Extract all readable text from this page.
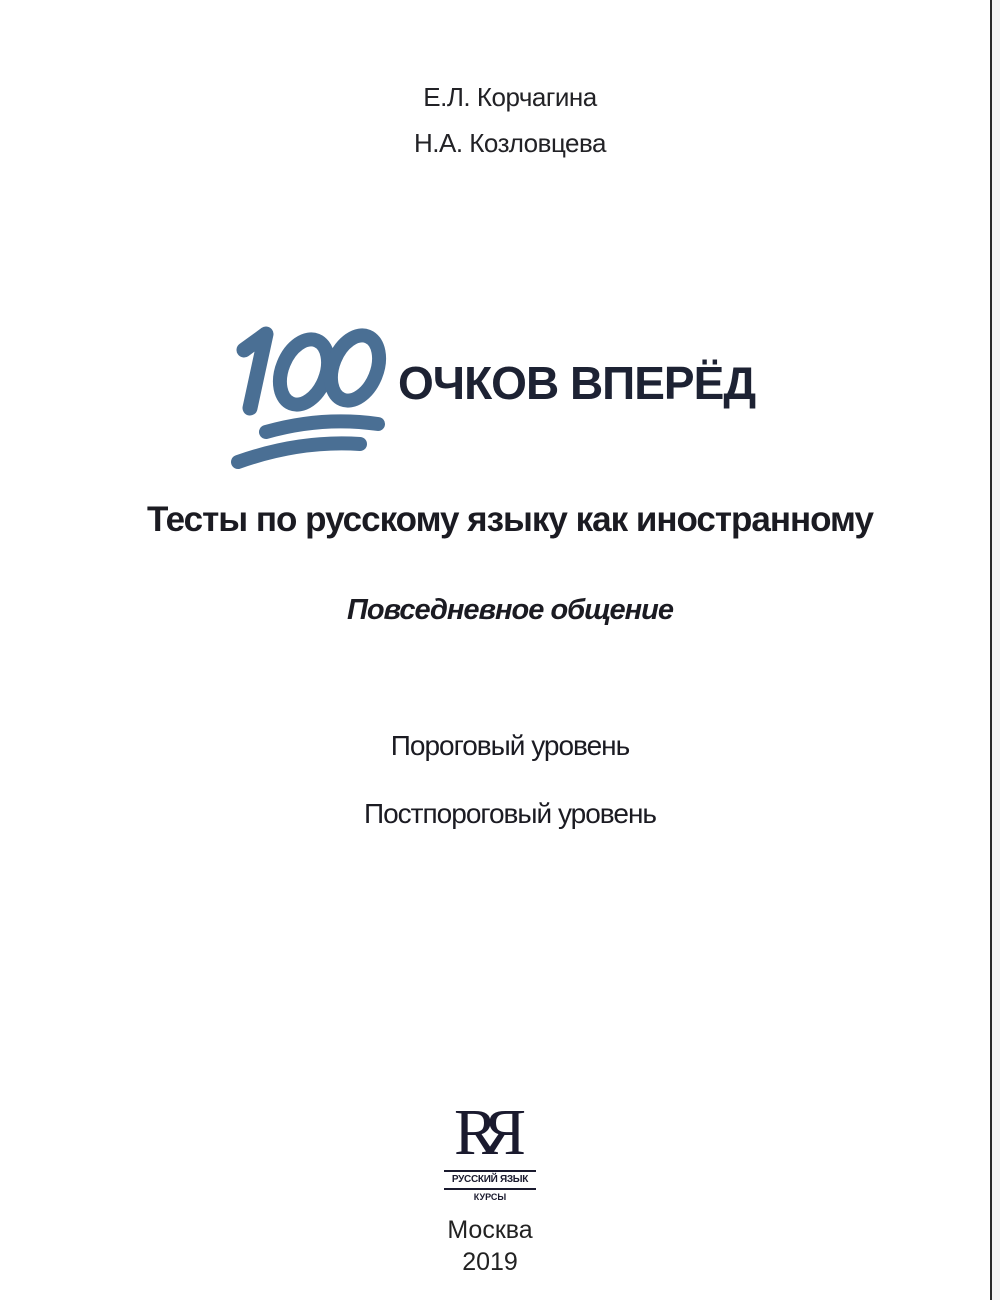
Е.Л. Корчагина
Н.А. Козловцева
100
ОЧКОВ ВПЕРЁД
Тесты по русскому языку как иностранному
Повседневное общение
Пороговый уровень
Постпороговый уровень
RR
РУССКИЙ ЯЗЫК
КУРСЫ
Москва
2019
